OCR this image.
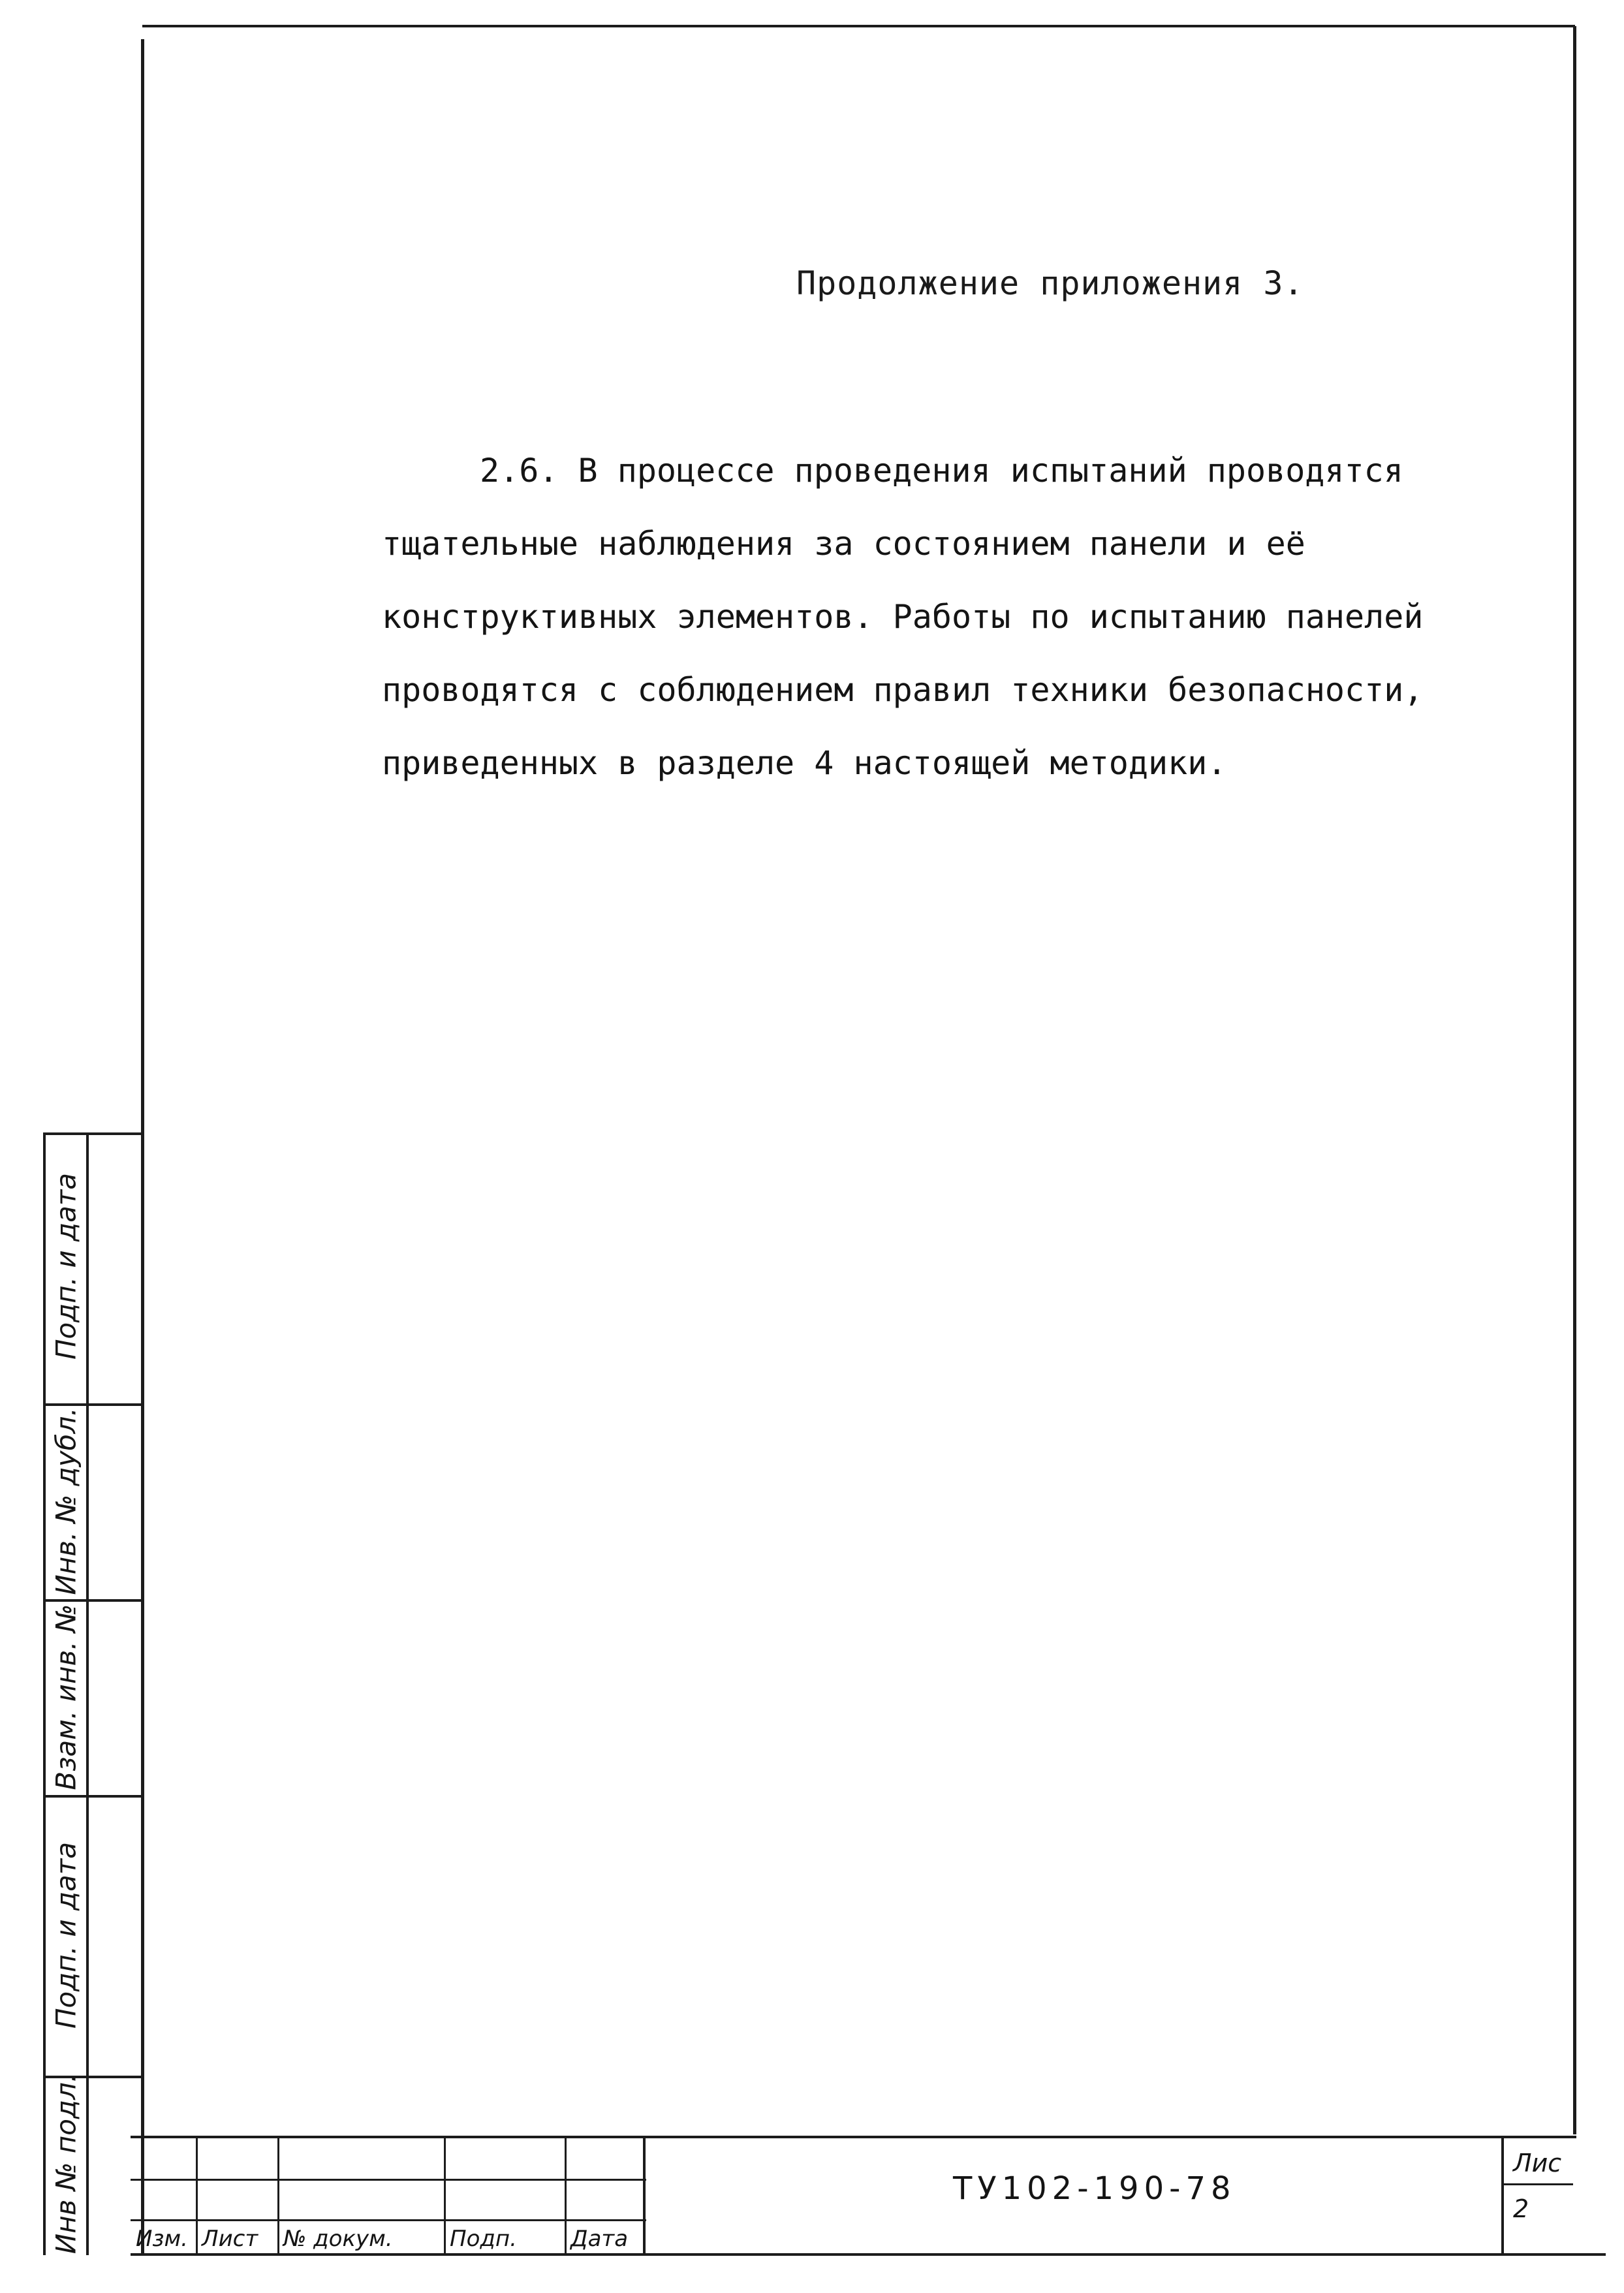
Продолжение приложения 3.

2.6. В процессе проведения испытаний проводятся
тщательные наблюдения за состоянием панели и её
конструктивных элементов. Работы по испытанию панелей
проводятся с соблюдением правил техники безопасности,
приведенных в разделе 4 настоящей методики.

Подп. и дата
Инв. № дубл.
Взам. инв. №
Подп. и дата
Инв № подл. Изм. Лист	№ докум.	Подп.	Дата
ТУ102-190-78
Лис
2
